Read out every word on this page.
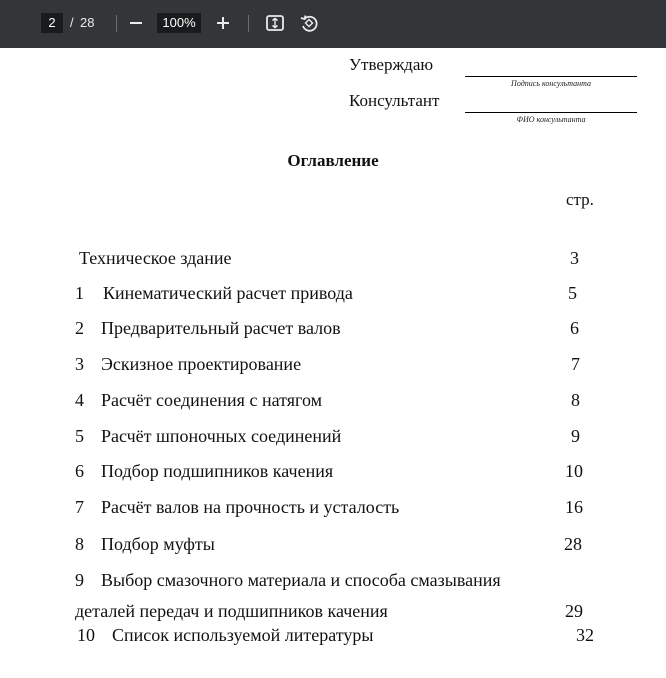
2	/ 28	100%
Утверждаю
Подпись консультанта
Консультант
ФИО консультанта
Оглавление
стр.
Техническое здание	3
1 Кинематический расчет привода	5
2 Предварительный расчет валов	6
3 Эскизное проектирование	7
4 Расчёт соединения с натягом	8
5 Расчёт шпоночных соединений	9
6 Подбор подшипников качения	10
7 Расчёт валов на прочность и усталость	16
8 Подбор муфты	28
9 Выбор смазочного материала и способа смазывания
деталей передач и подшипников качения	29
10 Список используемой литературы	32
